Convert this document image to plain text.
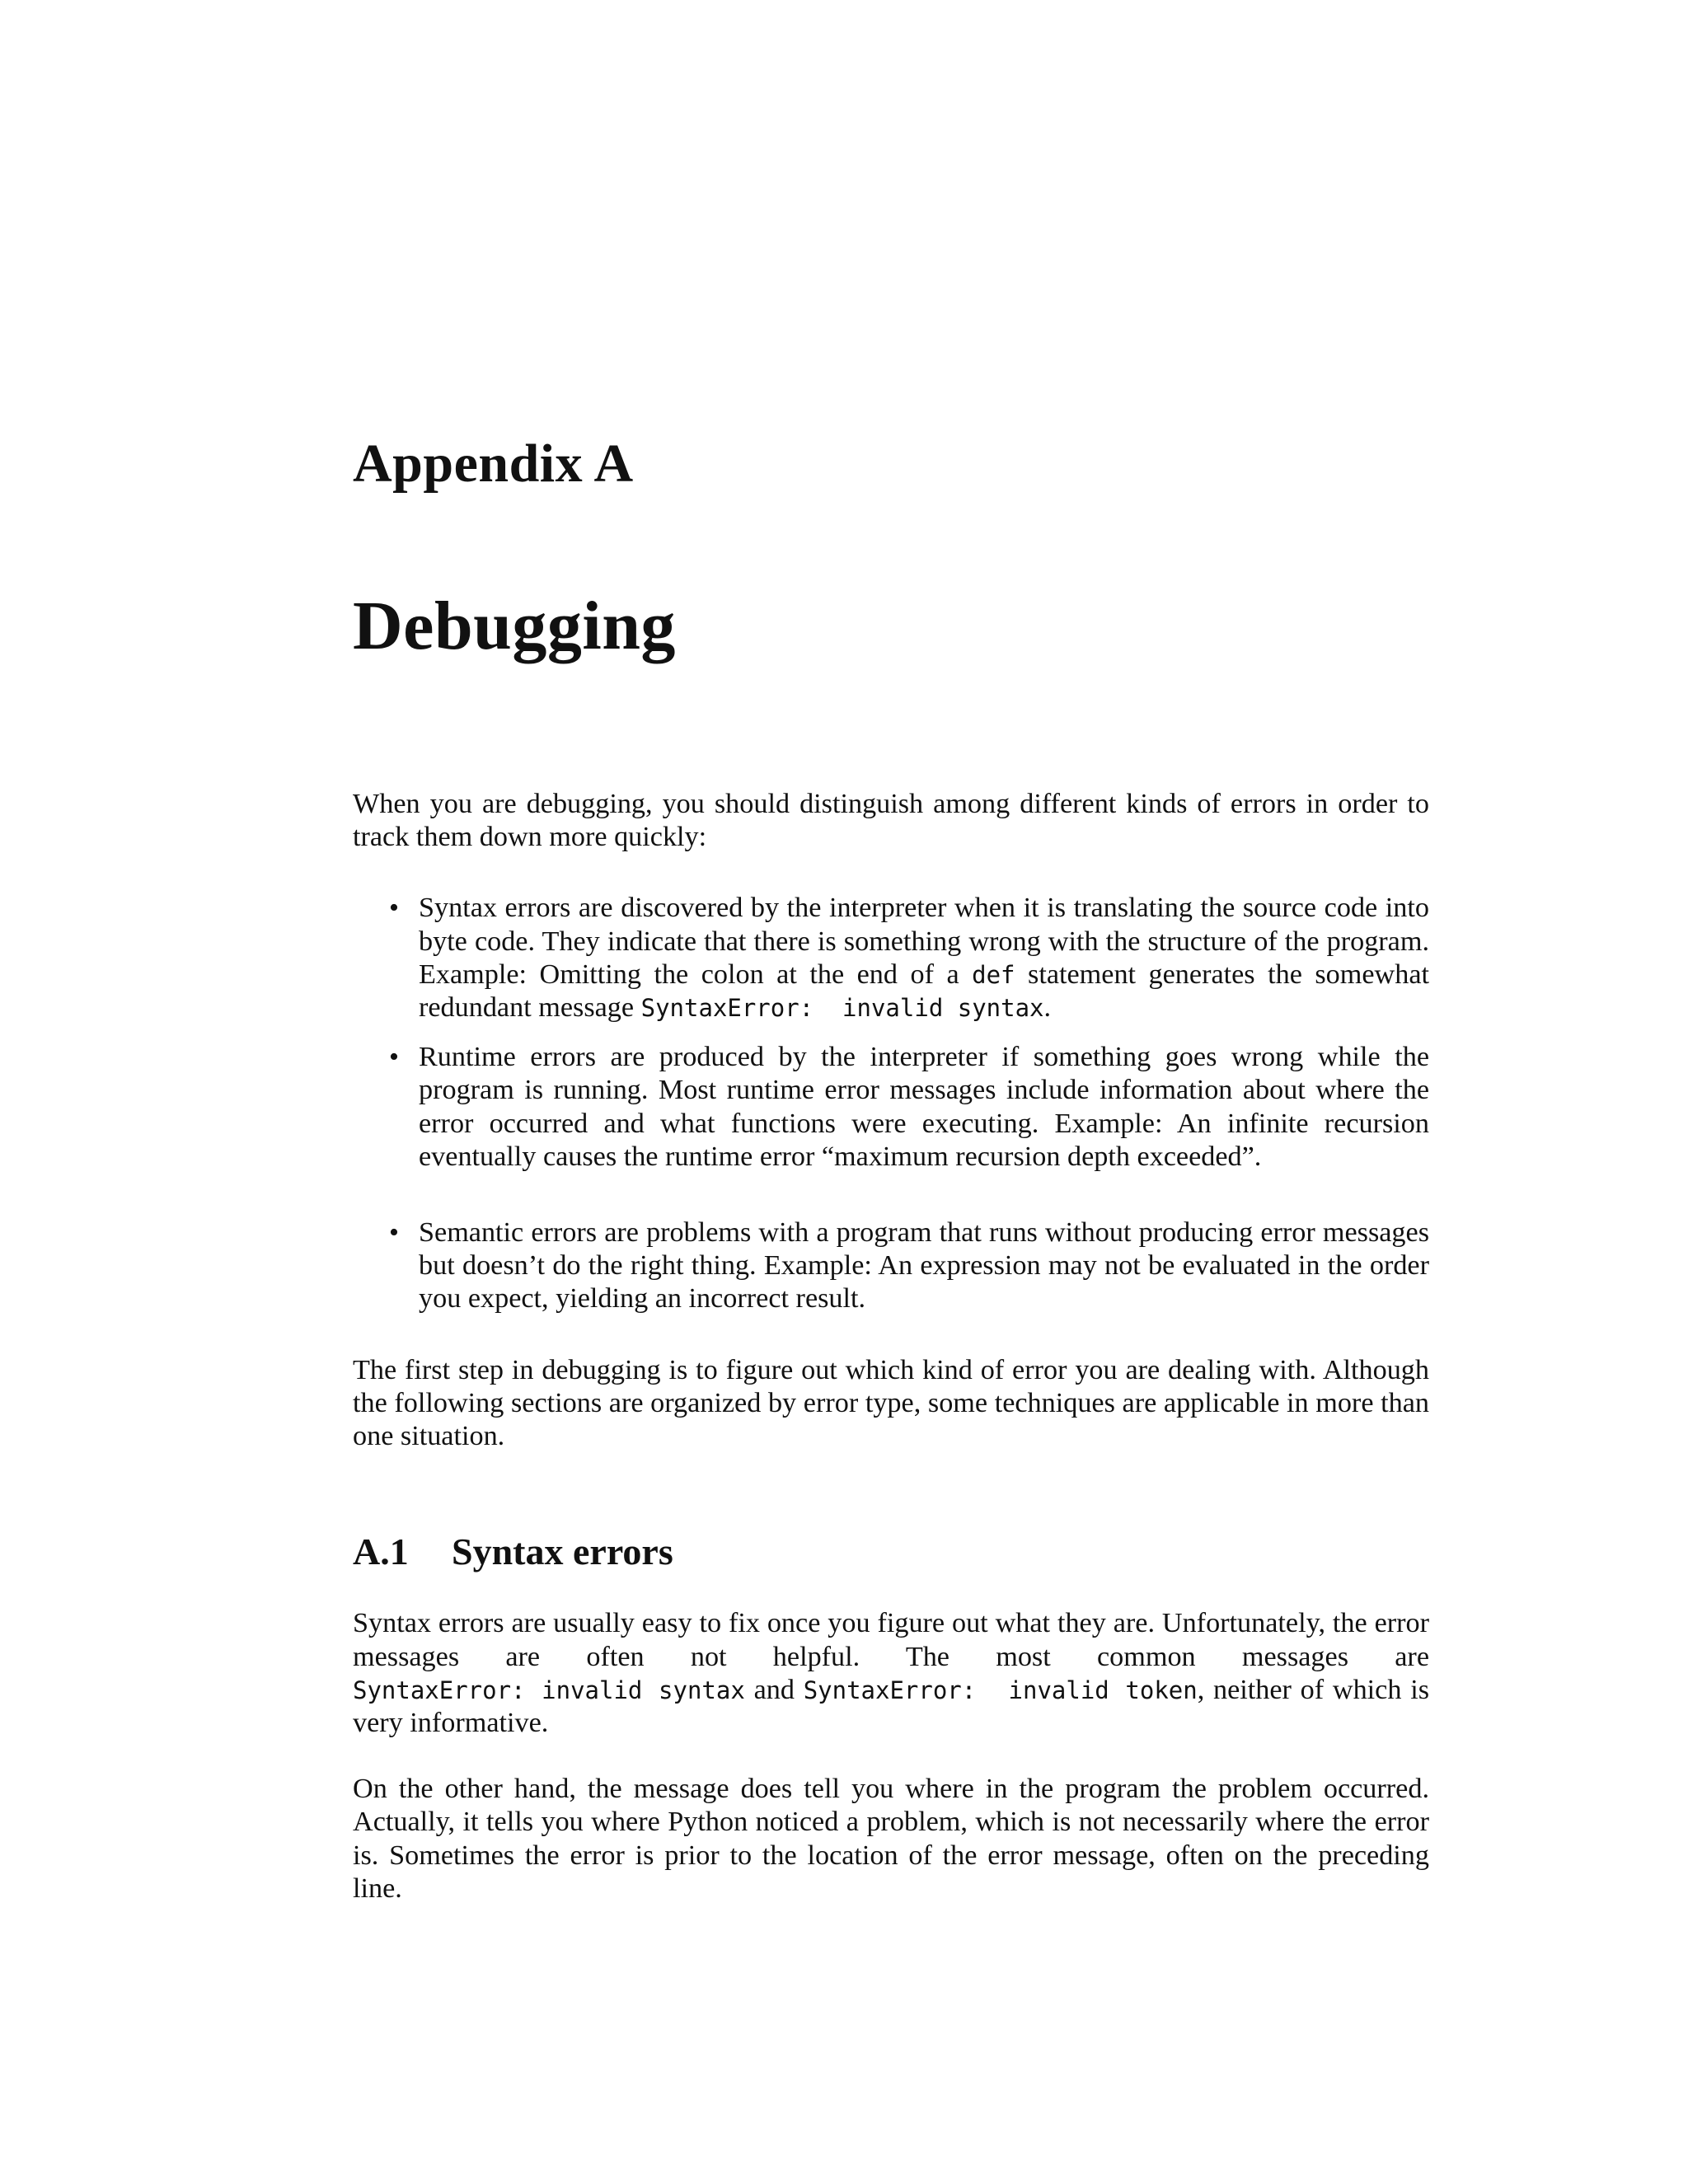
Appendix A
Debugging

When you are debugging, you should distinguish among different kinds of errors in order to track them down more quickly:

• Syntax errors are discovered by the interpreter when it is translating the source code into byte code. They indicate that there is something wrong with the structure of the program. Example: Omitting the colon at the end of a def statement generates the somewhat redundant message SyntaxError:  invalid syntax.
• Runtime errors are produced by the interpreter if something goes wrong while the program is running. Most runtime error messages include information about where the error occurred and what functions were executing. Example: An infinite recursion eventually causes the runtime error “maximum recursion depth exceeded”.
• Semantic errors are problems with a program that runs without producing error messages but doesn’t do the right thing. Example: An expression may not be evaluated in the order you expect, yielding an incorrect result.

The first step in debugging is to figure out which kind of error you are dealing with. Although the following sections are organized by error type, some techniques are applicable in more than one situation.

A.1 Syntax errors

Syntax errors are usually easy to fix once you figure out what they are. Unfortunately, the error messages are often not helpful. The most common messages are SyntaxError: invalid syntax and SyntaxError:  invalid token, neither of which is very informative.

On the other hand, the message does tell you where in the program the problem occurred. Actually, it tells you where Python noticed a problem, which is not necessarily where the error is. Sometimes the error is prior to the location of the error message, often on the preceding line.
